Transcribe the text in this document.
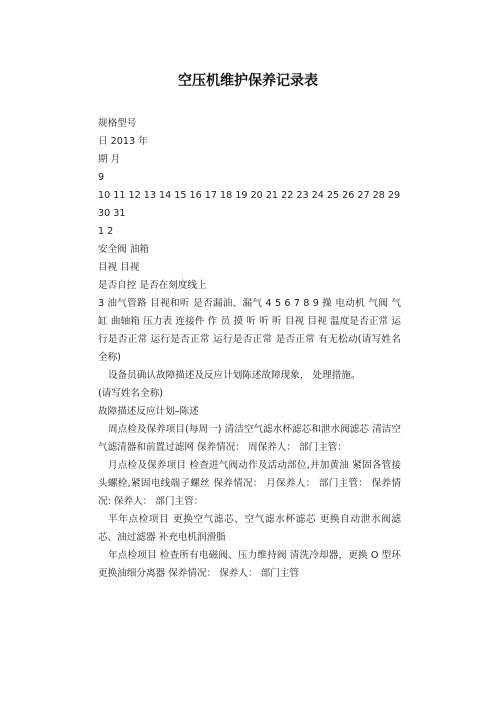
空压机维护保养记录表

规格型号

日 2013 年

期 月

9

10 11 12 13 14 15 16 17 18 19 20 21 22 23 24 25 26 27 28 29 30 31

1 2

安全阀 油箱

目视 目视

是否自控 是否在刻度线上

3 油气管路 目视和听 是否漏油、漏气 4 5 6 7 8 9 操 电动机 气阀 气缸 曲轴箱 压力表 连接件 作 员 摸 听 听 听 目视 目视 温度是否正常 运行是否正常 运行是否正常 运行是否正常 是否正常 有无松动(请写姓名全称)

设备员确认故障描述及反应计划陈述故障现象， 处理措施。

(请写姓名全称)

故障描述反应计划–陈述

周点检及保养项目(每周一) 清洁空气滤水杯滤芯和泄水阀滤芯 清洁空气滤清器和前置过滤网 保养情况： 周保养人： 部门主管：

月点检及保养项目 检查进气阀动作及活动部位,并加黄油 紧固各管接头螺栓,紧固电线端子螺丝 保养情况： 月保养人： 部门主管： 保养情况: 保养人： 部门主管：

半年点检项目 更换空气滤芯、空气滤水杯滤芯 更换自动泄水阀滤芯、油过滤器 补充电机润滑脂

年点检项目 检查所有电磁阀、压力维持阀 清洗冷却器，更换 O 型环 更换油细分离器 保养情况： 保养人： 部门主管
